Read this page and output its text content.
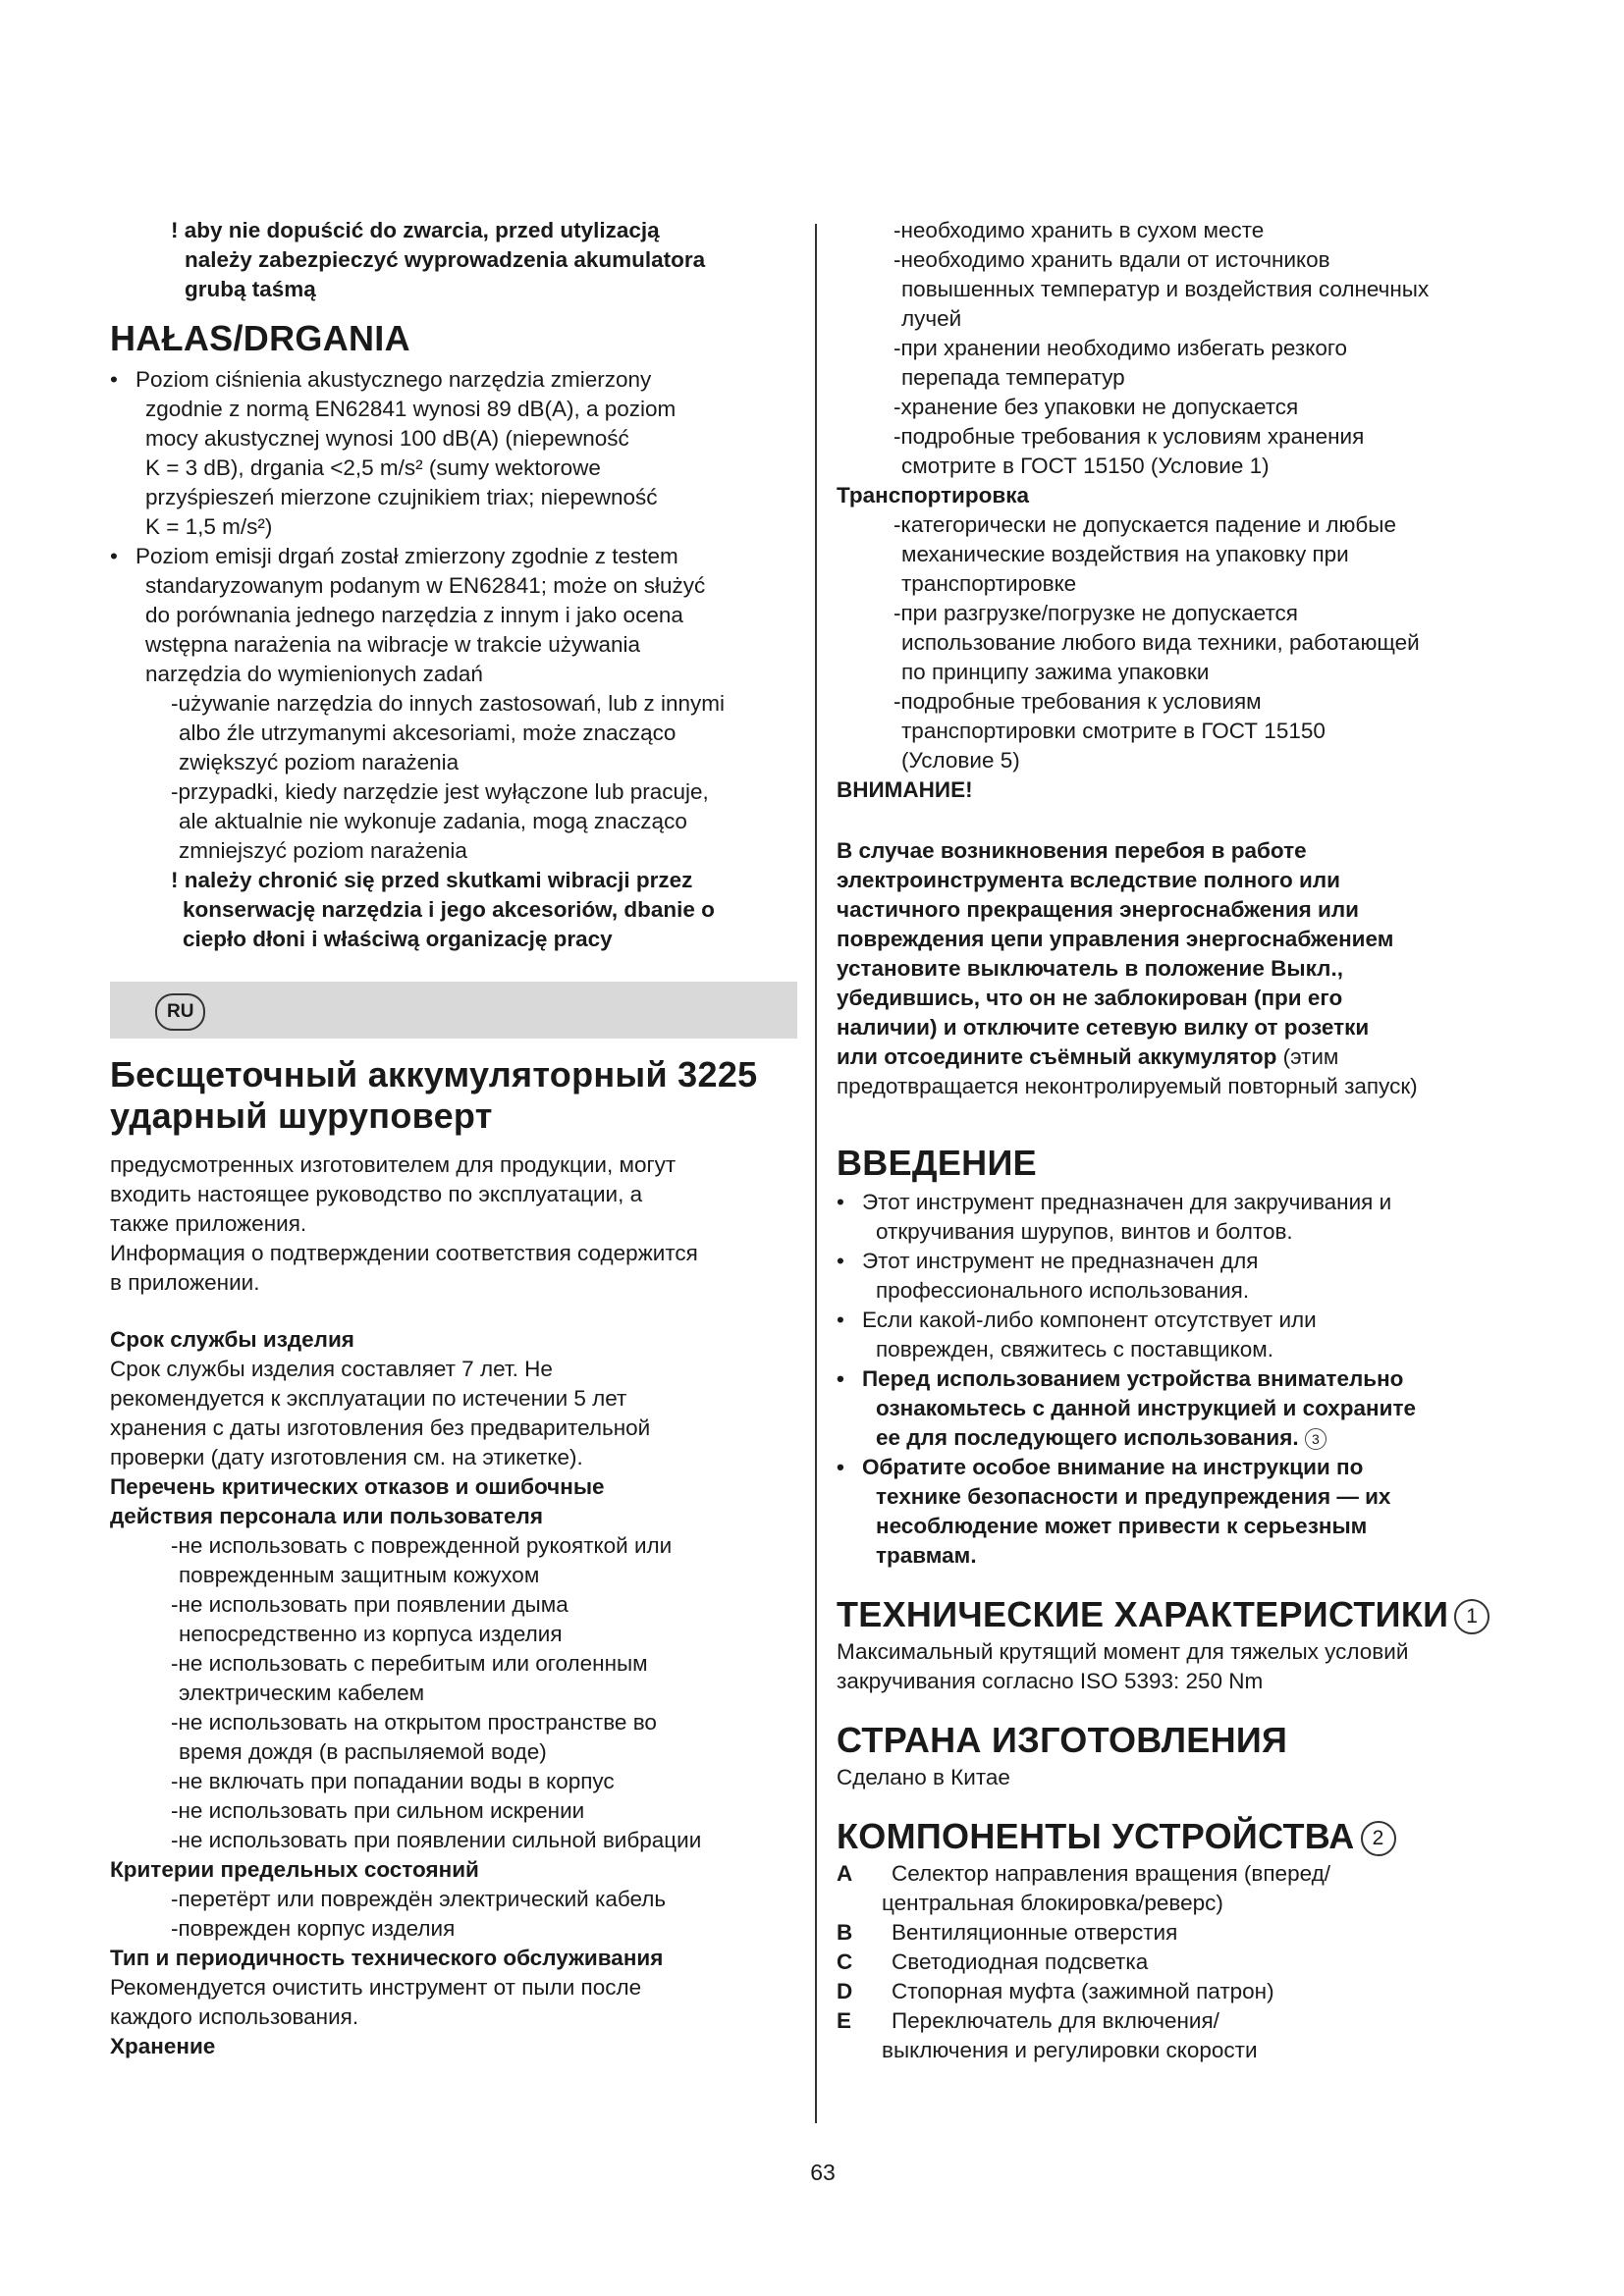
! aby nie dopuścić do zwarcia, przed utylizacją
należy zabezpieczyć wyprowadzenia akumulatora
grubą taśmą
HAŁAS/DRGANIA
• Poziom ciśnienia akustycznego narzędzia zmierzony
zgodnie z normą EN62841 wynosi 89 dB(A), a poziom
mocy akustycznej wynosi 100 dB(A) (niepewność
K = 3 dB), drgania <2,5 m/s² (sumy wektorowe
przyśpieszeń mierzone czujnikiem triax; niepewność
K = 1,5 m/s²)
• Poziom emisji drgań został zmierzony zgodnie z testem
standaryzowanym podanym w EN62841; może on służyć
do porównania jednego narzędzia z innym i jako ocena
wstępna narażenia na wibracje w trakcie używania
narzędzia do wymienionych zadań
-używanie narzędzia do innych zastosowań, lub z innymi
albo źle utrzymanymi akcesoriami, może znacząco
zwiększyć poziom narażenia
-przypadki, kiedy narzędzie jest wyłączone lub pracuje,
ale aktualnie nie wykonuje zadania, mogą znacząco
zmniejszyć poziom narażenia
! należy chronić się przed skutkami wibracji przez
konserwację narzędzia i jego akcesoriów, dbanie o
ciepło dłoni i właściwą organizację pracy
RU
Бесщеточный аккумуляторный 3225
ударный шуруповерт
предусмотренных изготовителем для продукции, могут
входить настоящее руководство по эксплуатации, а
также приложения.
Информация о подтверждении соответствия содержится
в приложении.
Срок службы изделия
Срок службы изделия составляет 7 лет. Не
рекомендуется к эксплуатации по истечении 5 лет
хранения с даты изготовления без предварительной
проверки (дату изготовления см. на этикетке).
Перечень критических отказов и ошибочные
действия персонала или пользователя
-не использовать с поврежденной рукояткой или
поврежденным защитным кожухом
-не использовать при появлении дыма
непосредственно из корпуса изделия
-не использовать с перебитым или оголенным
электрическим кабелем
-не использовать на открытом пространстве во
время дождя (в распыляемой воде)
-не включать при попадании воды в корпус
-не использовать при сильном искрении
-не использовать при появлении сильной вибрации
Критерии предельных состояний
-перетёрт или повреждён электрический кабель
-поврежден корпус изделия
Тип и периодичность технического обслуживания
Рекомендуется очистить инструмент от пыли после
каждого использования.
Хранение
-необходимо хранить в сухом месте
-необходимо хранить вдали от источников
повышенных температур и воздействия солнечных
лучей
-при хранении необходимо избегать резкого
перепада температур
-хранение без упаковки не допускается
-подробные требования к условиям хранения
смотрите в ГОСТ 15150 (Условие 1)
Транспортировка
-категорически не допускается падение и любые
механические воздействия на упаковку при
транспортировке
-при разгрузке/погрузке не допускается
использование любого вида техники, работающей
по принципу зажима упаковки
-подробные требования к условиям
транспортировки смотрите в ГОСТ 15150
(Условие 5)
ВНИМАНИЕ!
В случае возникновения перебоя в работе
электроинструмента вследствие полного или
частичного прекращения энергоснабжения или
повреждения цепи управления энергоснабжением
установите выключатель в положение Выкл.,
убедившись, что он не заблокирован (при его
наличии) и отключите сетевую вилку от розетки
или отсоедините съёмный аккумулятор (этим
предотвращается неконтролируемый повторный запуск)
ВВЕДЕНИЕ
• Этот инструмент предназначен для закручивания и
откручивания шурупов, винтов и болтов.
• Этот инструмент не предназначен для
профессионального использования.
• Если какой-либо компонент отсутствует или
поврежден, свяжитесь с поставщиком.
• Перед использованием устройства внимательно
ознакомьтесь с данной инструкцией и сохраните
ее для последующего использования. 3
• Обратите особое внимание на инструкции по
технике безопасности и предупреждения — их
несоблюдение может привести к серьезным
травмам.
ТЕХНИЧЕСКИЕ ХАРАКТЕРИСТИКИ 1
Максимальный крутящий момент для тяжелых условий
закручивания согласно ISO 5393: 250 Nm
СТРАНА ИЗГОТОВЛЕНИЯ
Сделано в Китае
КОМПОНЕНТЫ УСТРОЙСТВА 2
A	Селектор направления вращения (вперед/
центральная блокировка/реверс)
B	Вентиляционные отверстия
C	Светодиодная подсветка
D	Стопорная муфта (зажимной патрон)
E	Переключатель для включения/
выключения и регулировки скорости
63
